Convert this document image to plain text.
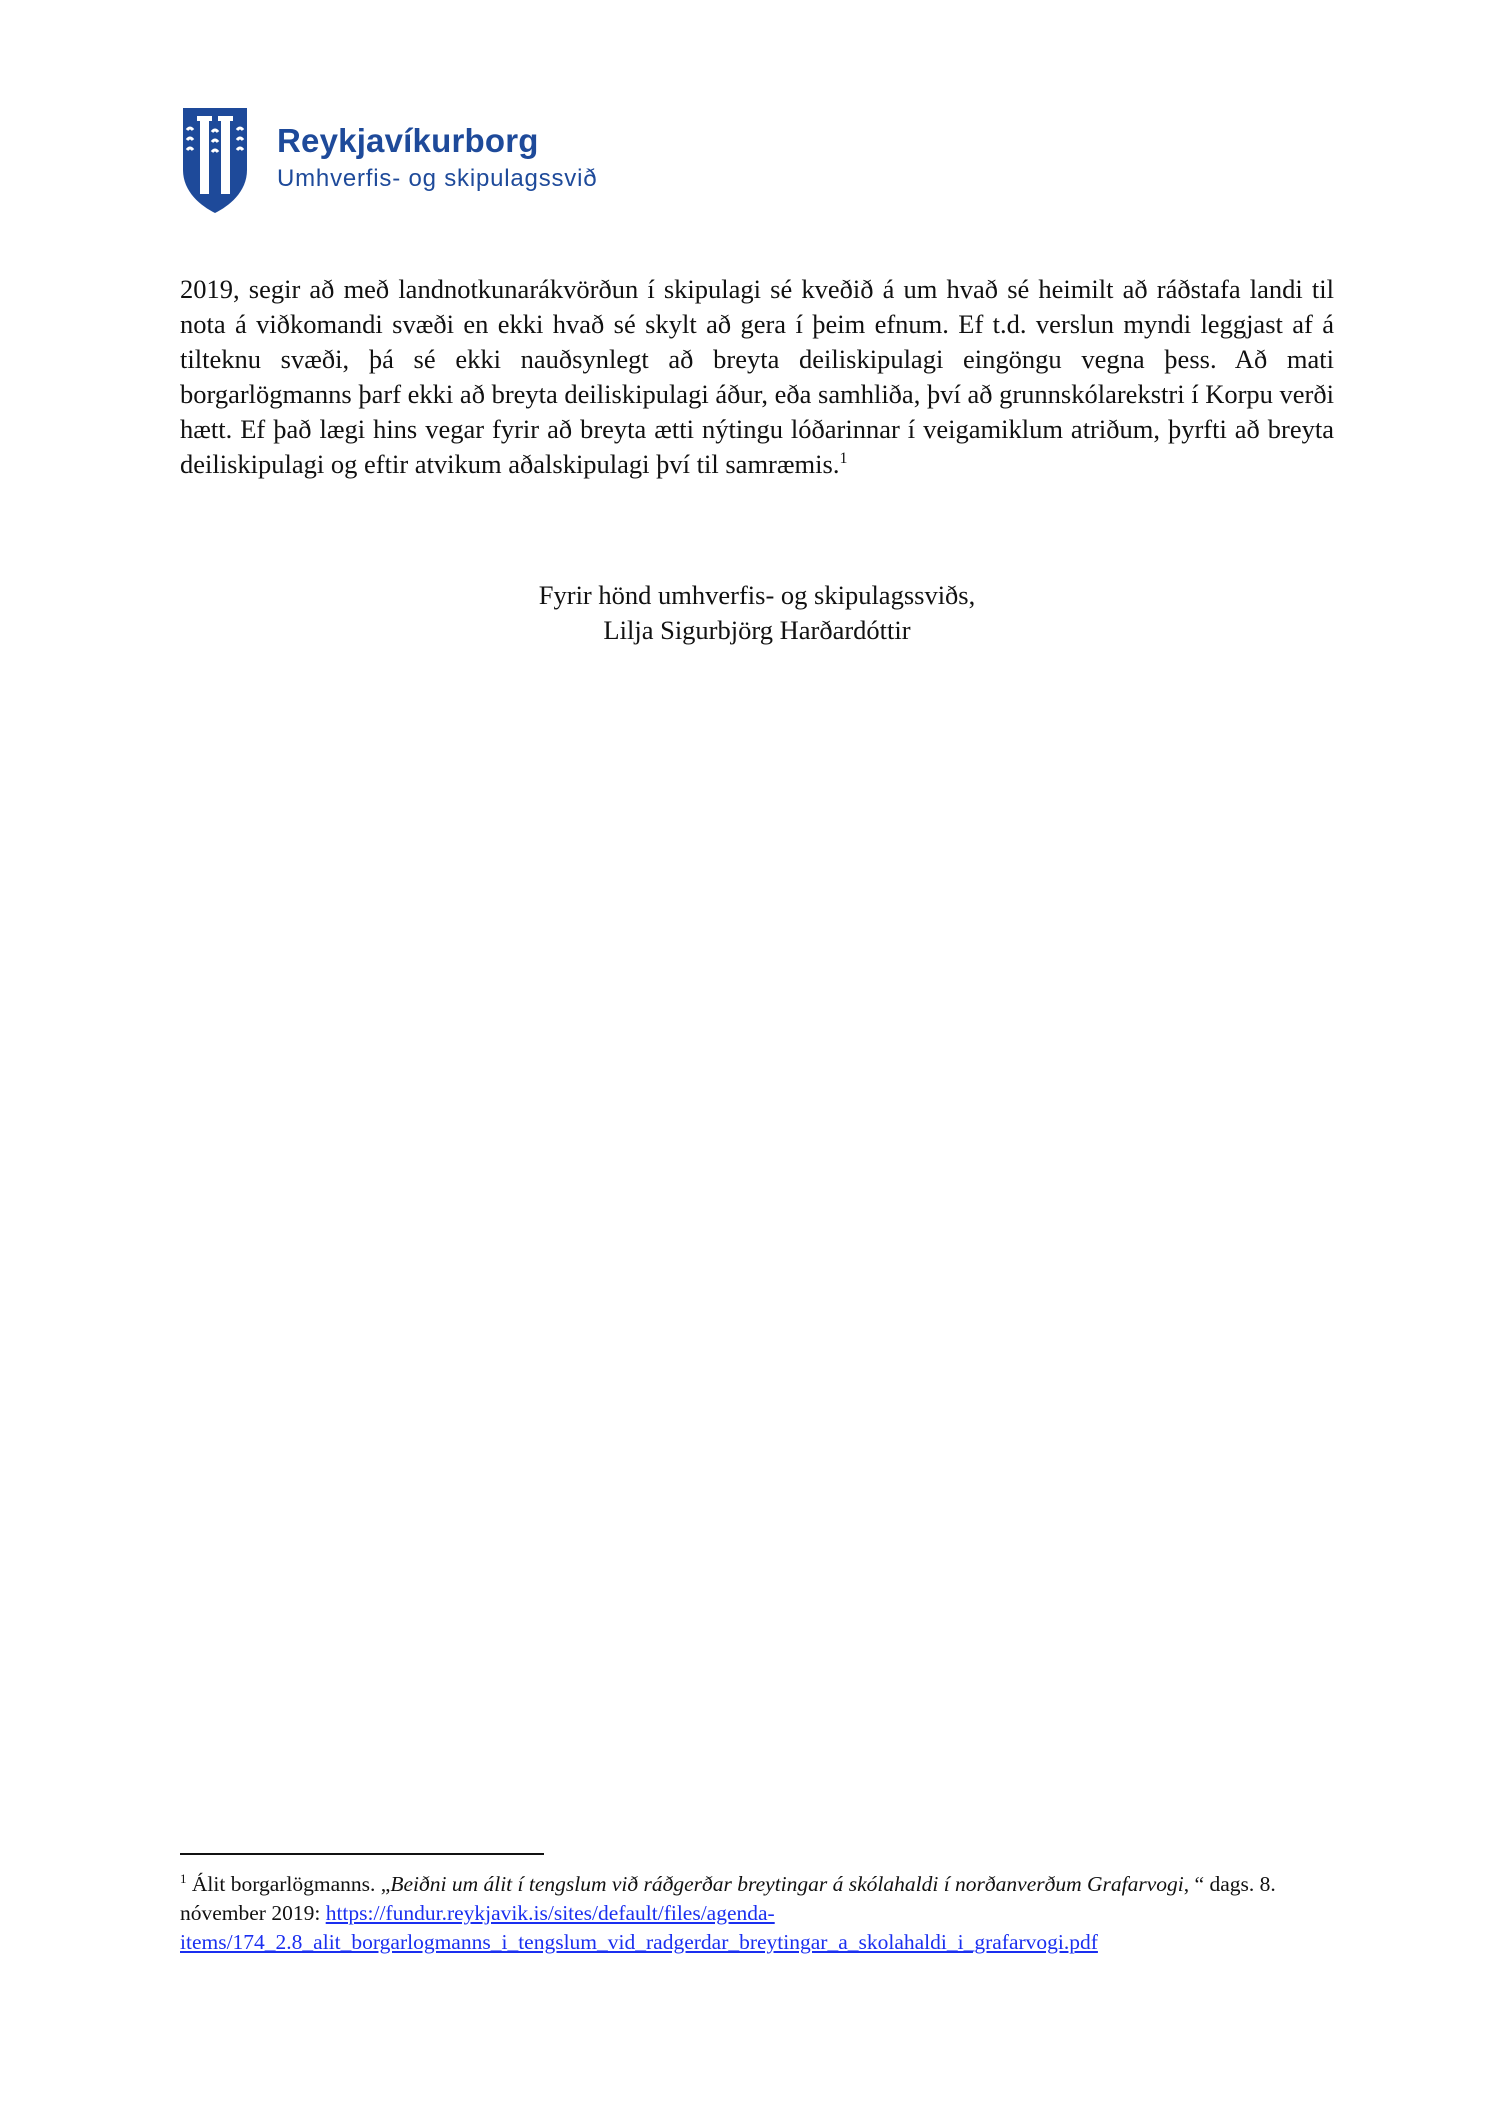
Reykjavíkurborg
Umhverfis- og skipulagssvið

2019, segir að með landnotkunarákvörðun í skipulagi sé kveðið á um hvað sé heimilt að ráðstafa landi til nota á viðkomandi svæði en ekki hvað sé skylt að gera í þeim efnum. Ef t.d. verslun myndi leggjast af á tilteknu svæði, þá sé ekki nauðsynlegt að breyta deiliskipulagi eingöngu vegna þess. Að mati borgarlögmanns þarf ekki að breyta deiliskipulagi áður, eða samhliða, því að grunnskólarekstri í Korpu verði hætt. Ef það lægi hins vegar fyrir að breyta ætti nýtingu lóðarinnar í veigamiklum atriðum, þyrfti að breyta deiliskipulagi og eftir atvikum aðalskipulagi því til samræmis.$^1$

Fyrir hönd umhverfis- og skipulagssviðs,
Lilja Sigurbjörg Harðardóttir
$^1$ Álit borgarlögmanns. „Beiðni um álit í tengslum við ráðgerðar breytingar á skólahaldi í norðanverðum Grafarvogi, “ dags. 8. nóvember 2019: https://fundur.reykjavik.is/sites/default/files/agenda-items/174_2.8_alit_borgarlogmanns_i_tengslum_vid_radgerdar_breytingar_a_skolahaldi_i_grafarvogi.pdf
